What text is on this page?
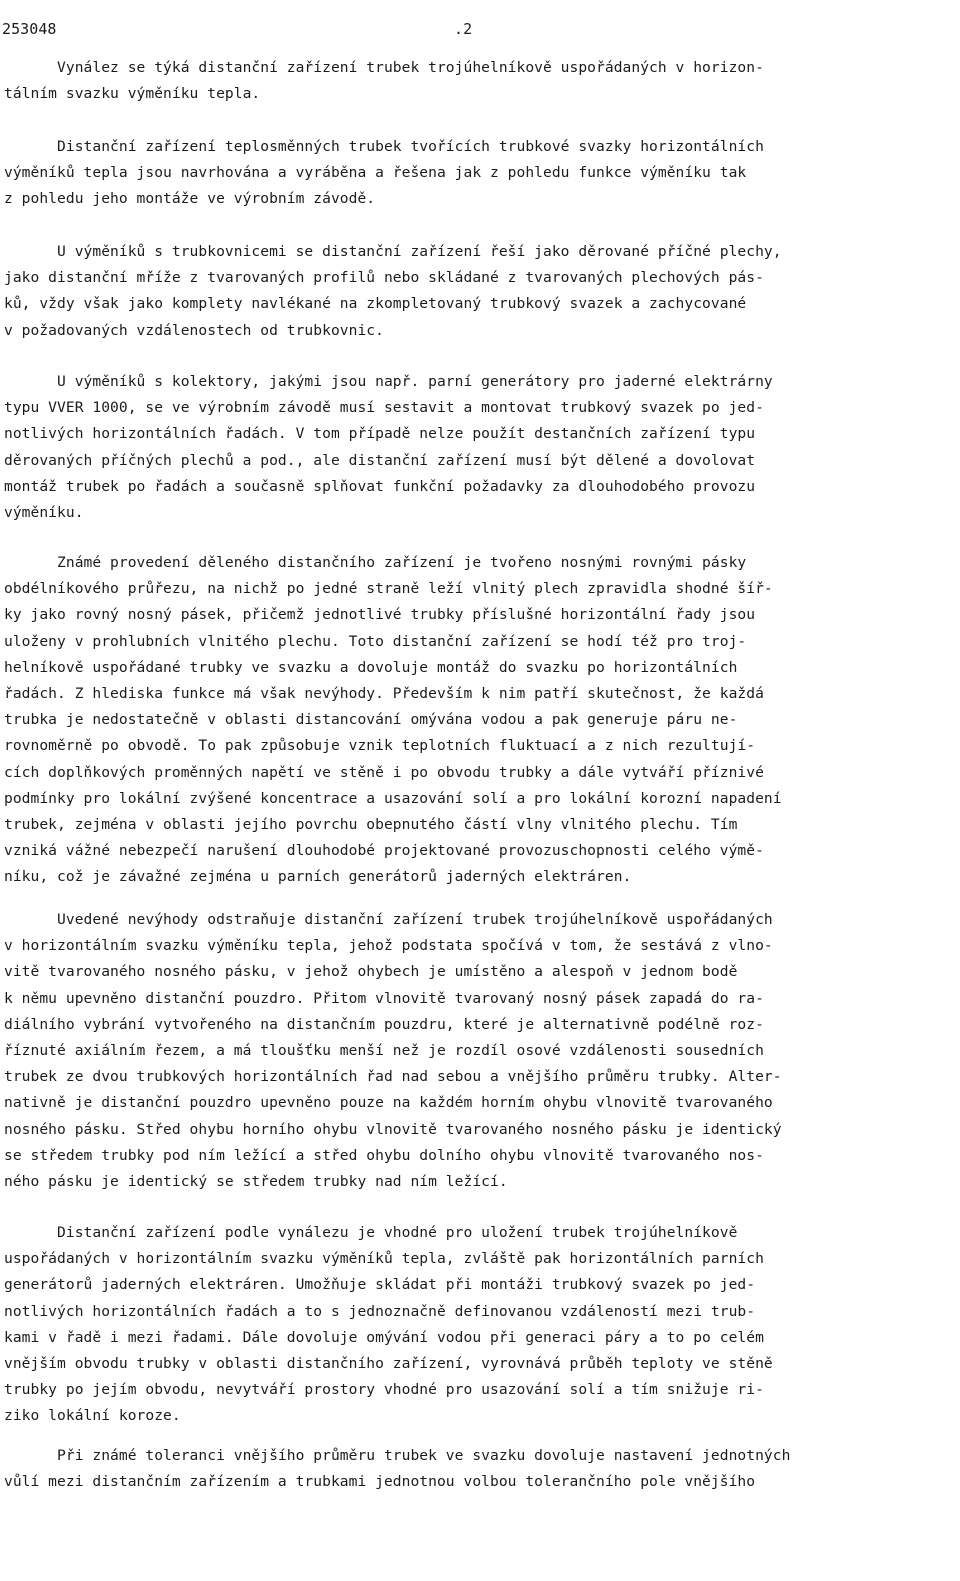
253048	.2
Vynález se týká distanční zařízení trubek trojúhelníkově uspořádaných v horizon-
tálním svazku výměníku tepla.
Distanční zařízení teplosměnných trubek tvořících trubkové svazky horizontálních
výměníků tepla jsou navrhována a vyráběna a řešena jak z pohledu funkce výměníku tak
z pohledu jeho montáže ve výrobním závodě.
U výměníků s trubkovnicemi se distanční zařízení řeší jako děrované příčné plechy,
jako distanční mříže z tvarovaných profilů nebo skládané z tvarovaných plechových pás-
ků, vždy však jako komplety navlékané na zkompletovaný trubkový svazek a zachycované
v požadovaných vzdálenostech od trubkovnic.
U výměníků s kolektory, jakými jsou např. parní generátory pro jaderné elektrárny
typu VVER 1000, se ve výrobním závodě musí sestavit a montovat trubkový svazek po jed-
notlivých horizontálních řadách. V tom případě nelze použít destančních zařízení typu
děrovaných příčných plechů a pod., ale distanční zařízení musí být dělené a dovolovat
montáž trubek po řadách a současně splňovat funkční požadavky za dlouhodobého provozu
výměníku.
Známé provedení děleného distančního zařízení je tvořeno nosnými rovnými pásky
obdélníkového průřezu, na nichž po jedné straně leží vlnitý plech zpravidla shodné šíř-
ky jako rovný nosný pásek, přičemž jednotlivé trubky příslušné horizontální řady jsou
uloženy v prohlubních vlnitého plechu. Toto distanční zařízení se hodí též pro troj-
helníkově uspořádané trubky ve svazku a dovoluje montáž do svazku po horizontálních
řadách. Z hlediska funkce má však nevýhody. Především k nim patří skutečnost, že každá
trubka je nedostatečně v oblasti distancování omývána vodou a pak generuje páru ne-
rovnoměrně po obvodě. To pak způsobuje vznik teplotních fluktuací a z nich rezultují-
cích doplňkových proměnných napětí ve stěně i po obvodu trubky a dále vytváří příznivé
podmínky pro lokální zvýšené koncentrace a usazování solí a pro lokální korozní napadení
trubek, zejména v oblasti jejího povrchu obepnutého částí vlny vlnitého plechu. Tím
vzniká vážné nebezpečí narušení dlouhodobé projektované provozuschopnosti celého výmě-
níku, což je závažné zejména u parních generátorů jaderných elektráren.
Uvedené nevýhody odstraňuje distanční zařízení trubek trojúhelníkově uspořádaných
v horizontálním svazku výměníku tepla, jehož podstata spočívá v tom, že sestává z vlno-
vitě tvarovaného nosného pásku, v jehož ohybech je umístěno a alespoň v jednom bodě
k němu upevněno distanční pouzdro. Přitom vlnovitě tvarovaný nosný pásek zapadá do ra-
diálního vybrání vytvořeného na distančním pouzdru, které je alternativně podélně roz-
říznuté axiálním řezem, a má tloušťku menší než je rozdíl osové vzdálenosti sousedních
trubek ze dvou trubkových horizontálních řad nad sebou a vnějšího průměru trubky. Alter-
nativně je distanční pouzdro upevněno pouze na každém horním ohybu vlnovitě tvarovaného
nosného pásku. Střed ohybu horního ohybu vlnovitě tvarovaného nosného pásku je identický
se středem trubky pod ním ležící a střed ohybu dolního ohybu vlnovitě tvarovaného nos-
ného pásku je identický se středem trubky nad ním ležící.
Distanční zařízení podle vynálezu je vhodné pro uložení trubek trojúhelníkově
uspořádaných v horizontálním svazku výměníků tepla, zvláště pak horizontálních parních
generátorů jaderných elektráren. Umožňuje skládat při montáži trubkový svazek po jed-
notlivých horizontálních řadách a to s jednoznačně definovanou vzdáleností mezi trub-
kami v řadě i mezi řadami. Dále dovoluje omývání vodou při generaci páry a to po celém
vnějším obvodu trubky v oblasti distančního zařízení, vyrovnává průběh teploty ve stěně
trubky po jejím obvodu, nevytváří prostory vhodné pro usazování solí a tím snižuje ri-
ziko lokální koroze.
Při známé toleranci vnějšího průměru trubek ve svazku dovoluje nastavení jednotných
vůlí mezi distančním zařízením a trubkami jednotnou volbou tolerančního pole vnějšího
